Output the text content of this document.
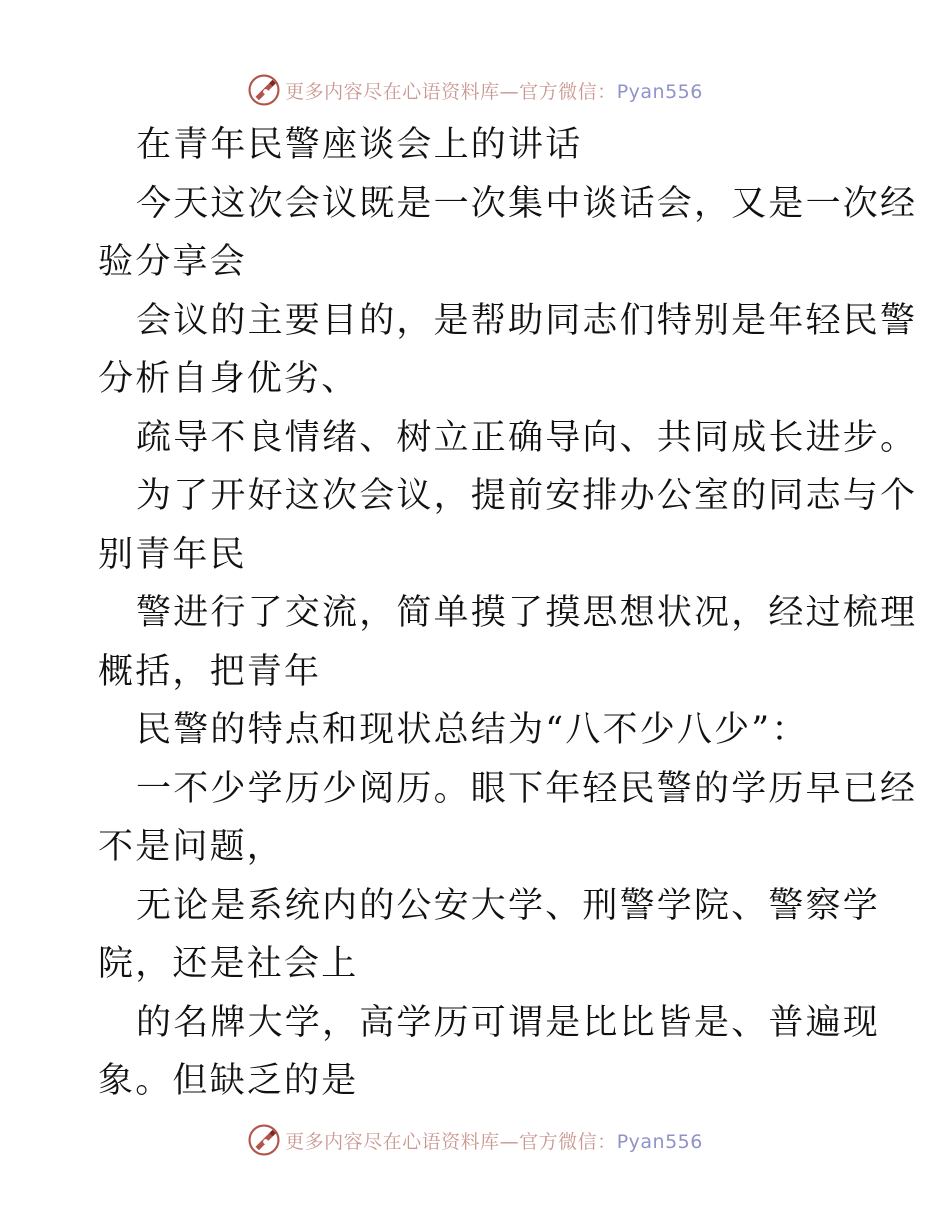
更多内容尽在心语资料库—官方微信：Pyan556
在青年民警座谈会上的讲话
今天这次会议既是一次集中谈话会，又是一次经
验分享会
会议的主要目的，是帮助同志们特别是年轻民警
分析自身优劣、
疏导不良情绪、树立正确导向、共同成长进步。
为了开好这次会议，提前安排办公室的同志与个
别青年民
警进行了交流，简单摸了摸思想状况，经过梳理
概括，把青年
民警的特点和现状总结为“八不少八少”：
一不少学历少阅历。眼下年轻民警的学历早已经
不是问题，
无论是系统内的公安大学、刑警学院、警察学
院，还是社会上
的名牌大学，高学历可谓是比比皆是、普遍现
象。但缺乏的是
更多内容尽在心语资料库—官方微信：Pyan556
